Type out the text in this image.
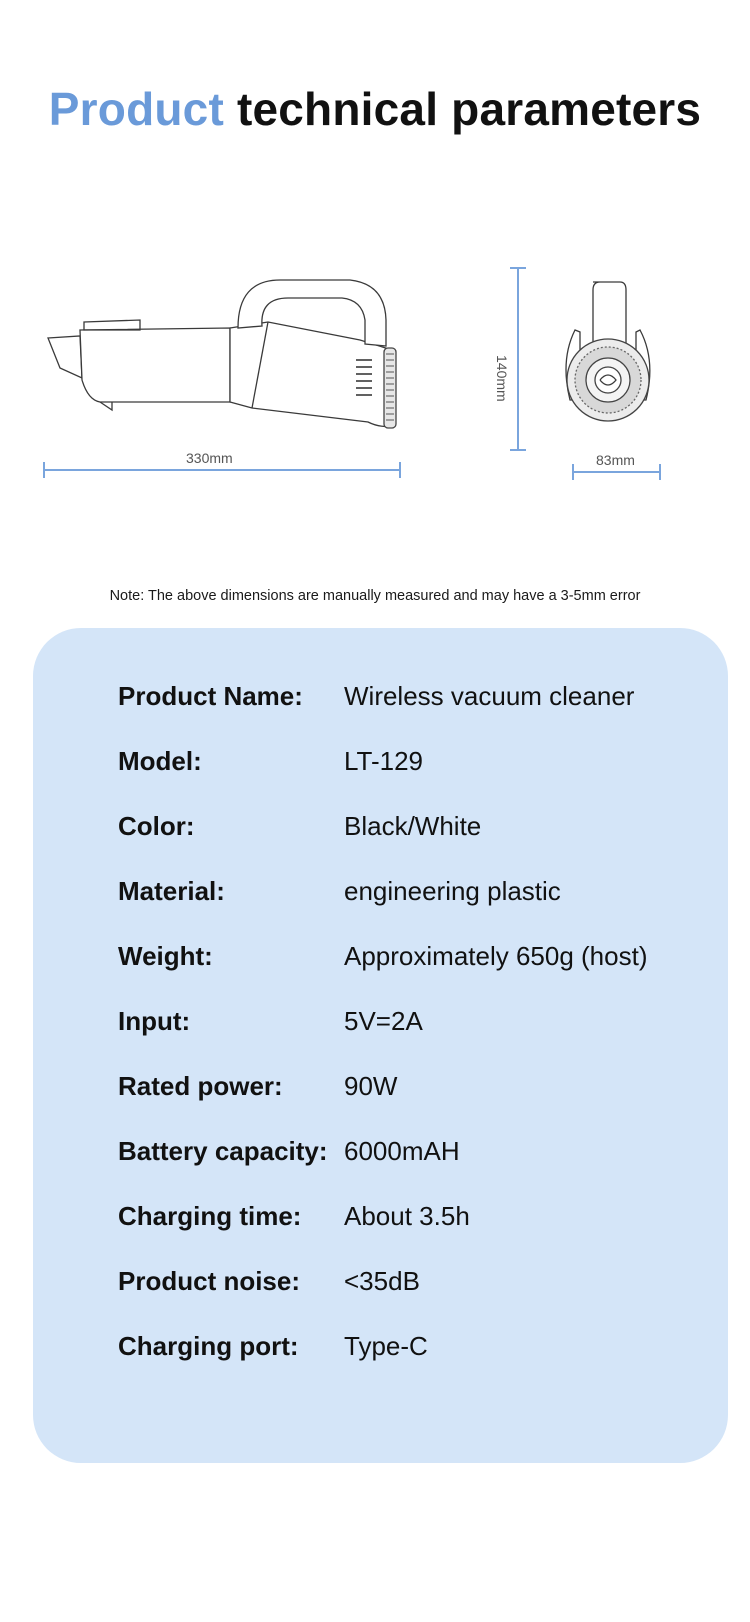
Product technical parameters
330mm
140mm
83mm
Note: The above dimensions are manually measured and may have a 3-5mm error
Product Name: Wireless vacuum cleaner
Model:	LT-129
Color:	Black/White
Material:	engineering plastic
Weight:	Approximately 650g (host)
Input:	5V=2A
Rated power: 90W
Battery capacity: 6000mAH
Charging time: About 3.5h
Product noise: <35dB
Charging port: Type-C
